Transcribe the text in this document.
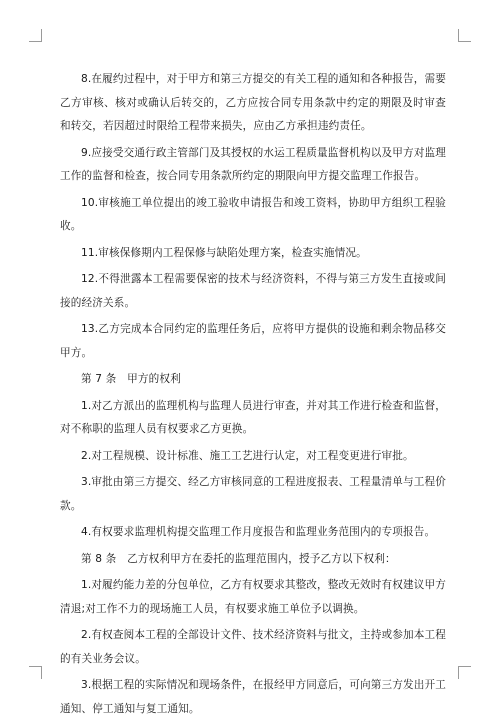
8.在履约过程中，对于甲方和第三方提交的有关工程的通知和各种报告，需要乙方审核、核对或确认后转交的，乙方应按合同专用条款中约定的期限及时审查和转交，若因超过时限给工程带来损失，应由乙方承担违约责任。

9.应接受交通行政主管部门及其授权的水运工程质量监督机构以及甲方对监理工作的监督和检查，按合同专用条款所约定的期限向甲方提交监理工作报告。

10.审核施工单位提出的竣工验收申请报告和竣工资料，协助甲方组织工程验收。

11.审核保修期内工程保修与缺陷处理方案，检查实施情况。

12.不得泄露本工程需要保密的技术与经济资料，不得与第三方发生直接或间接的经济关系。

13.乙方完成本合同约定的监理任务后，应将甲方提供的设施和剩余物品移交甲方。

第 7 条　甲方的权利

1.对乙方派出的监理机构与监理人员进行审查，并对其工作进行检查和监督，对不称职的监理人员有权要求乙方更换。

2.对工程规模、设计标准、施工工艺进行认定，对工程变更进行审批。

3.审批由第三方提交、经乙方审核同意的工程进度报表、工程量清单与工程价款。

4.有权要求监理机构提交监理工作月度报告和监理业务范围内的专项报告。

第 8 条　乙方权利甲方在委托的监理范围内，授予乙方以下权利：

1.对履约能力差的分包单位，乙方有权要求其整改，整改无效时有权建议甲方清退;对工作不力的现场施工人员，有权要求施工单位予以调换。

2.有权查阅本工程的全部设计文件、技术经济资料与批文，主持或参加本工程的有关业务会议。

3.根据工程的实际情况和现场条件，在报经甲方同意后，可向第三方发出开工通知、停工通知与复工通知。
